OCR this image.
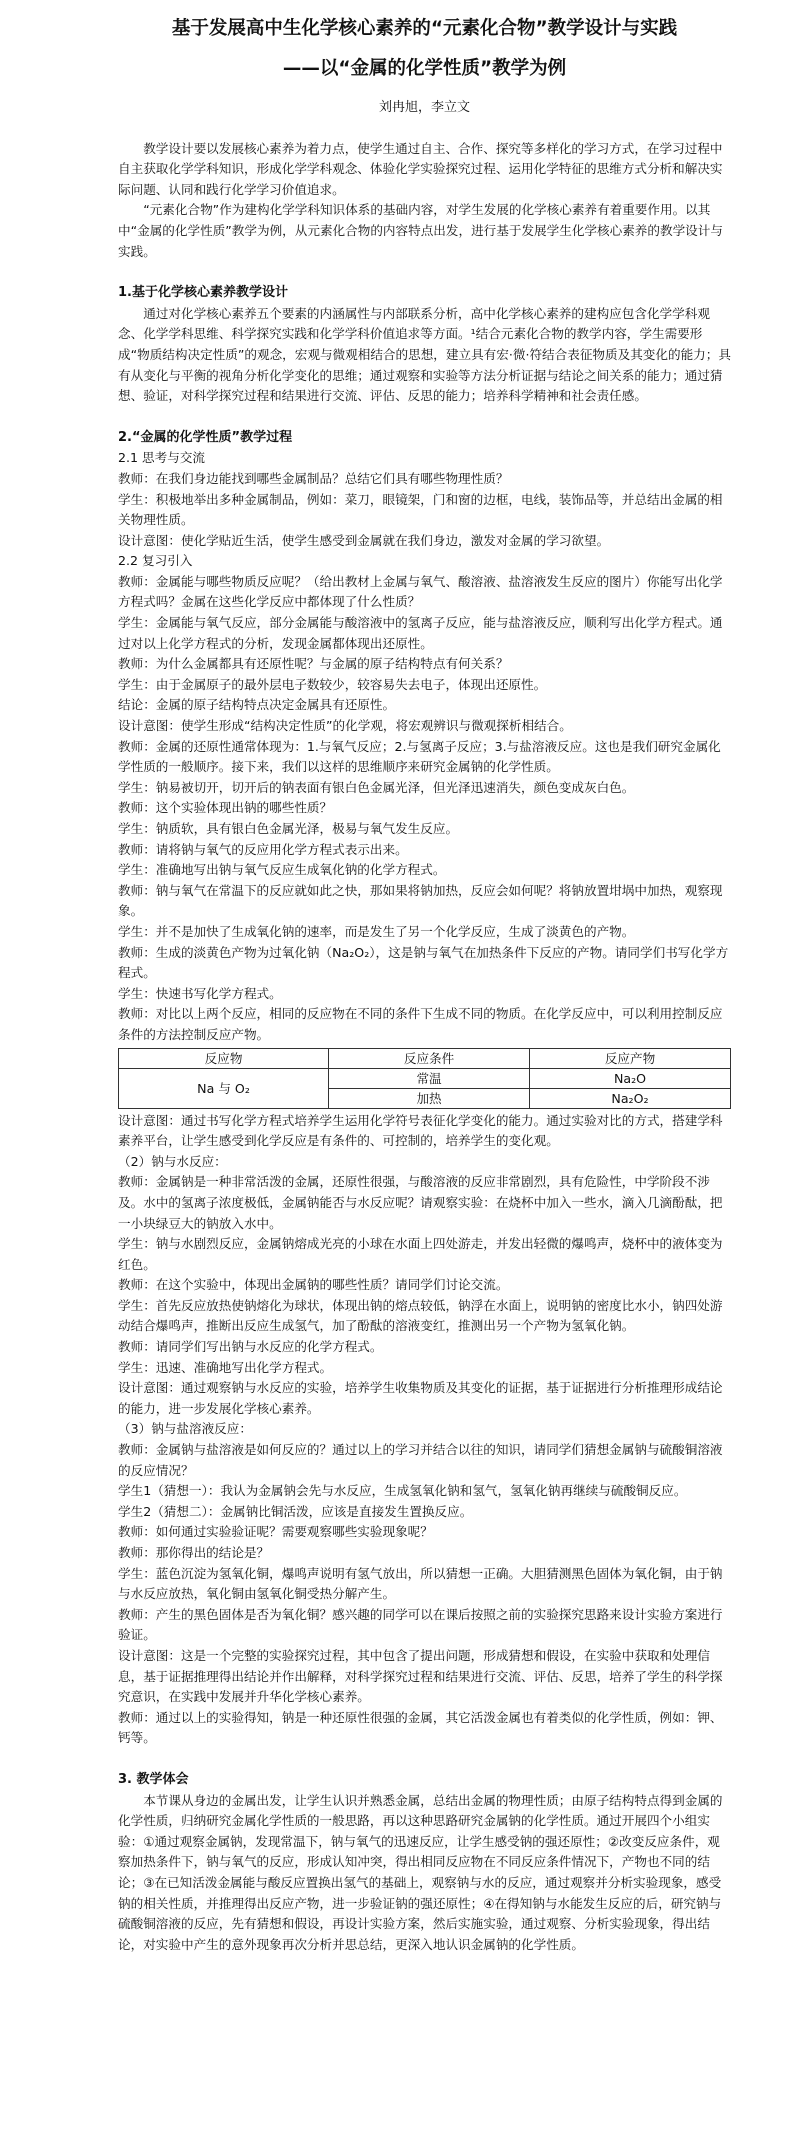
基于发展高中生化学核心素养的“元素化合物”教学设计与实践
——以“金属的化学性质”教学为例
刘冉旭，李立文

教学设计要以发展核心素养为着力点，使学生通过自主、合作、探究等多样化的学习方式，在学习过程中自主获取化学学科知识，形成化学学科观念、体验化学实验探究过程、运用化学特征的思维方式分析和解决实际问题、认同和践行化学学习价值追求。

“元素化合物”作为建构化学学科知识体系的基础内容，对学生发展的化学核心素养有着重要作用。以其中“金属的化学性质”教学为例，从元素化合物的内容特点出发，进行基于发展学生化学核心素养的教学设计与实践。

1.基于化学核心素养教学设计

通过对化学核心素养五个要素的内涵属性与内部联系分析，高中化学核心素养的建构应包含化学学科观念、化学学科思维、科学探究实践和化学学科价值追求等方面。¹结合元素化合物的教学内容，学生需要形成“物质结构决定性质”的观念，宏观与微观相结合的思想，建立具有宏·微·符结合表征物质及其变化的能力；具有从变化与平衡的视角分析化学变化的思维；通过观察和实验等方法分析证据与结论之间关系的能力；通过猜想、验证，对科学探究过程和结果进行交流、评估、反思的能力；培养科学精神和社会责任感。

2.“金属的化学性质”教学过程

2.1 思考与交流

教师：在我们身边能找到哪些金属制品？总结它们具有哪些物理性质？

学生：积极地举出多种金属制品，例如：菜刀，眼镜架，门和窗的边框，电线，装饰品等，并总结出金属的相关物理性质。

设计意图：使化学贴近生活，使学生感受到金属就在我们身边，激发对金属的学习欲望。

2.2 复习引入

教师：金属能与哪些物质反应呢？（给出教材上金属与氧气、酸溶液、盐溶液发生反应的图片）你能写出化学方程式吗？金属在这些化学反应中都体现了什么性质？

学生：金属能与氧气反应，部分金属能与酸溶液中的氢离子反应，能与盐溶液反应，顺利写出化学方程式。通过对以上化学方程式的分析，发现金属都体现出还原性。

教师：为什么金属都具有还原性呢？与金属的原子结构特点有何关系？

学生：由于金属原子的最外层电子数较少，较容易失去电子，体现出还原性。

结论：金属的原子结构特点决定金属具有还原性。

设计意图：使学生形成“结构决定性质”的化学观，将宏观辨识与微观探析相结合。

教师：金属的还原性通常体现为：1.与氧气反应；2.与氢离子反应；3.与盐溶液反应。这也是我们研究金属化学性质的一般顺序。接下来，我们以这样的思维顺序来研究金属钠的化学性质。

学生：钠易被切开，切开后的钠表面有银白色金属光泽，但光泽迅速消失，颜色变成灰白色。

教师：这个实验体现出钠的哪些性质？

学生：钠质软，具有银白色金属光泽，极易与氧气发生反应。

教师：请将钠与氧气的反应用化学方程式表示出来。

学生：准确地写出钠与氧气反应生成氧化钠的化学方程式。

教师：钠与氧气在常温下的反应就如此之快，那如果将钠加热，反应会如何呢？将钠放置坩埚中加热，观察现象。

学生：并不是加快了生成氧化钠的速率，而是发生了另一个化学反应，生成了淡黄色的产物。

教师：生成的淡黄色产物为过氧化钠（Na₂O₂），这是钠与氧气在加热条件下反应的产物。请同学们书写化学方程式。

学生：快速书写化学方程式。

教师：对比以上两个反应，相同的反应物在不同的条件下生成不同的物质。在化学反应中，可以利用控制反应条件的方法控制反应产物。

反应物	反应条件	反应产物
Na 与 O₂	常温	Na₂O
	加热	Na₂O₂

设计意图：通过书写化学方程式培养学生运用化学符号表征化学变化的能力。通过实验对比的方式，搭建学科素养平台，让学生感受到化学反应是有条件的、可控制的，培养学生的变化观。

（2）钠与水反应：

教师：金属钠是一种非常活泼的金属，还原性很强，与酸溶液的反应非常剧烈，具有危险性，中学阶段不涉及。水中的氢离子浓度极低，金属钠能否与水反应呢？请观察实验：在烧杯中加入一些水，滴入几滴酚酞，把一小块绿豆大的钠放入水中。

学生：钠与水剧烈反应，金属钠熔成光亮的小球在水面上四处游走，并发出轻微的爆鸣声，烧杯中的液体变为红色。

教师：在这个实验中，体现出金属钠的哪些性质？请同学们讨论交流。

学生：首先反应放热使钠熔化为球状，体现出钠的熔点较低，钠浮在水面上，说明钠的密度比水小，钠四处游动结合爆鸣声，推断出反应生成氢气，加了酚酞的溶液变红，推测出另一个产物为氢氧化钠。

教师：请同学们写出钠与水反应的化学方程式。

学生：迅速、准确地写出化学方程式。

设计意图：通过观察钠与水反应的实验，培养学生收集物质及其变化的证据，基于证据进行分析推理形成结论的能力，进一步发展化学核心素养。

（3）钠与盐溶液反应：

教师：金属钠与盐溶液是如何反应的？通过以上的学习并结合以往的知识，请同学们猜想金属钠与硫酸铜溶液的反应情况？

学生1（猜想一）：我认为金属钠会先与水反应，生成氢氧化钠和氢气，氢氧化钠再继续与硫酸铜反应。

学生2（猜想二）：金属钠比铜活泼，应该是直接发生置换反应。

教师：如何通过实验验证呢？需要观察哪些实验现象呢？

教师：那你得出的结论是？

学生：蓝色沉淀为氢氧化铜，爆鸣声说明有氢气放出，所以猜想一正确。大胆猜测黑色固体为氧化铜，由于钠与水反应放热，氧化铜由氢氧化铜受热分解产生。

教师：产生的黑色固体是否为氧化铜？感兴趣的同学可以在课后按照之前的实验探究思路来设计实验方案进行验证。

设计意图：这是一个完整的实验探究过程，其中包含了提出问题，形成猜想和假设，在实验中获取和处理信息，基于证据推理得出结论并作出解释，对科学探究过程和结果进行交流、评估、反思，培养了学生的科学探究意识，在实践中发展并升华化学核心素养。

教师：通过以上的实验得知，钠是一种还原性很强的金属，其它活泼金属也有着类似的化学性质，例如：钾、钙等。

3. 教学体会

本节课从身边的金属出发，让学生认识并熟悉金属，总结出金属的物理性质；由原子结构特点得到金属的化学性质，归纳研究金属化学性质的一般思路，再以这种思路研究金属钠的化学性质。通过开展四个小组实验：①通过观察金属钠，发现常温下，钠与氧气的迅速反应，让学生感受钠的强还原性；②改变反应条件，观察加热条件下，钠与氧气的反应，形成认知冲突，得出相同反应物在不同反应条件情况下，产物也不同的结论；③在已知活泼金属能与酸反应置换出氢气的基础上，观察钠与水的反应，通过观察并分析实验现象，感受钠的相关性质，并推理得出反应产物，进一步验证钠的强还原性；④在得知钠与水能发生反应的后，研究钠与硫酸铜溶液的反应，先有猜想和假设，再设计实验方案，然后实施实验，通过观察、分析实验现象，得出结论，对实验中产生的意外现象再次分析并思总结，更深入地认识金属钠的化学性质。
